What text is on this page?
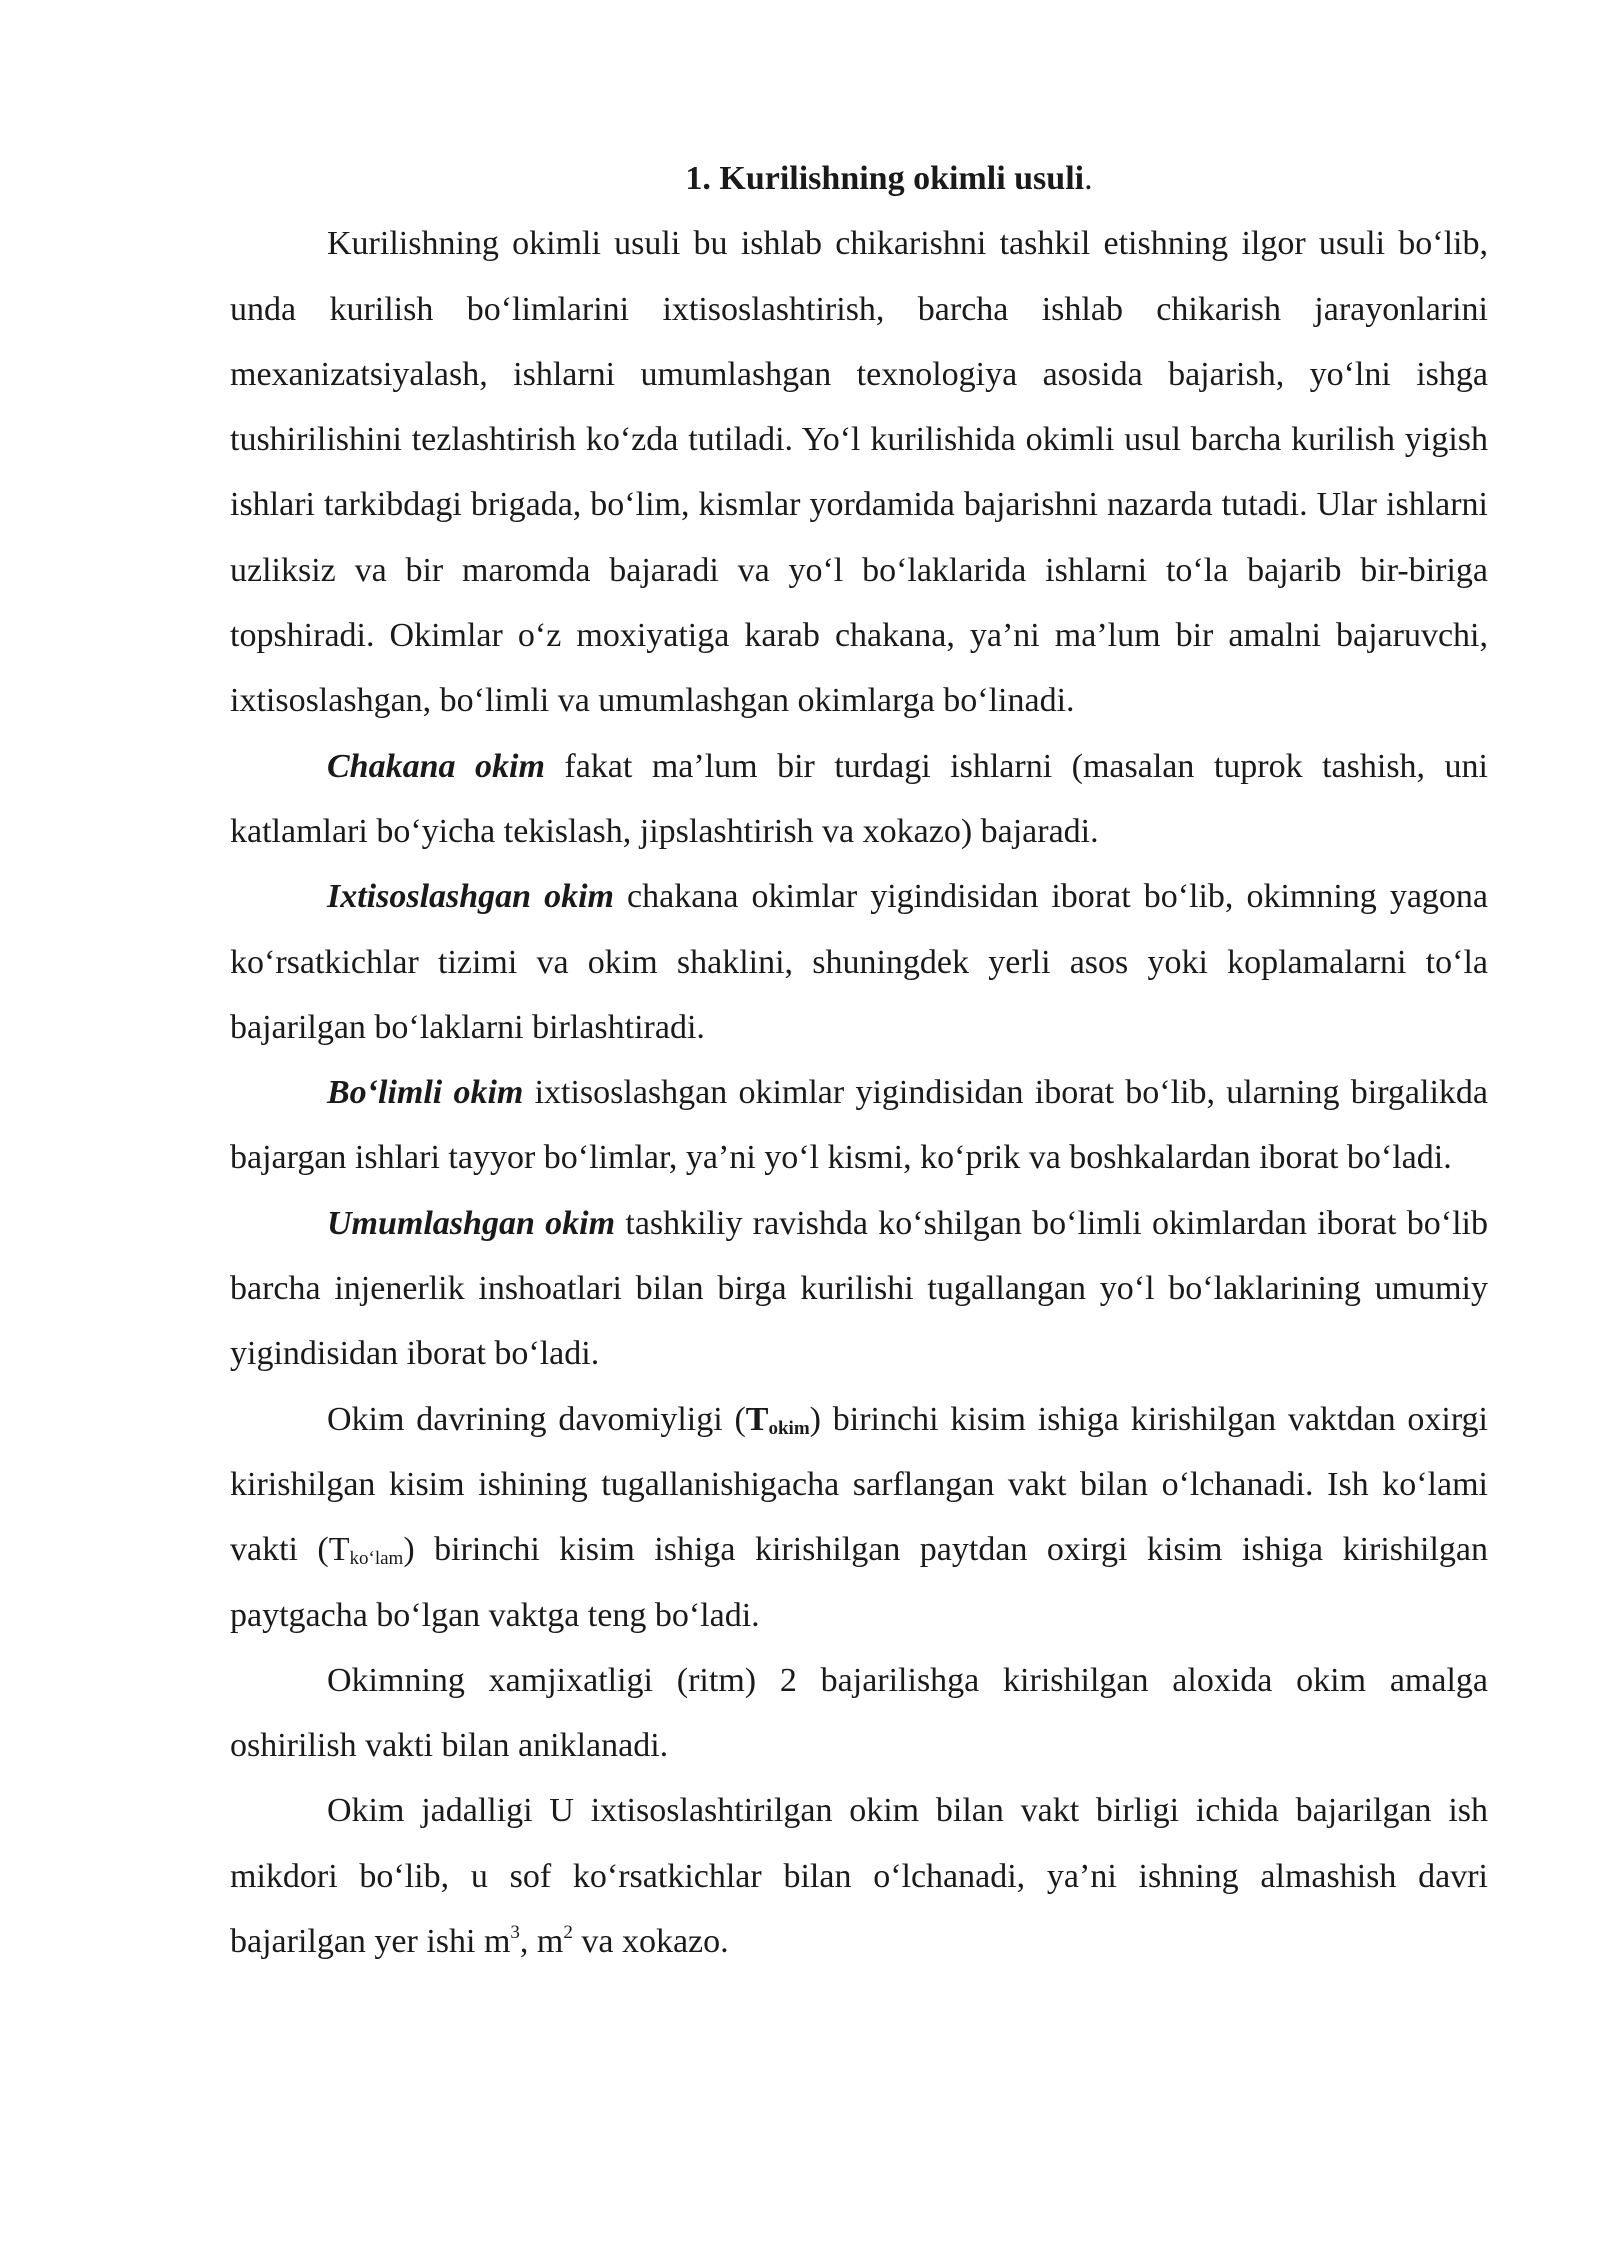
1. Kurilishning okimli usuli.

Kurilishning okimli usuli bu ishlab chikarishni tashkil etishning ilgor usuli bo‘lib, unda kurilish bo‘limlarini ixtisoslashtirish, barcha ishlab chikarish jarayonlarini mexanizatsiyalash, ishlarni umumlashgan texnologiya asosida bajarish, yo‘lni ishga tushirilishini tezlashtirish ko‘zda tutiladi. Yo‘l kurilishida okimli usul barcha kurilish yigish ishlari tarkibdagi brigada, bo‘lim, kismlar yordamida bajarishni nazarda tutadi. Ular ishlarni uzliksiz va bir maromda bajaradi va yo‘l bo‘laklarida ishlarni to‘la bajarib bir-biriga topshiradi. Okimlar o‘z moxiyatiga karab chakana, ya’ni ma’lum bir amalni bajaruvchi, ixtisoslashgan, bo‘limli va umumlashgan okimlarga bo‘linadi.

Chakana okim fakat ma’lum bir turdagi ishlarni (masalan tuprok tashish, uni katlamlari bo‘yicha tekislash, jipslashtirish va xokazo) bajaradi.

Ixtisoslashgan okim chakana okimlar yigindisidan iborat bo‘lib, okimning yagona ko‘rsatkichlar tizimi va okim shaklini, shuningdek yerli asos yoki koplamalarni to‘la bajarilgan bo‘laklarni birlashtiradi.

Bo‘limli okim ixtisoslashgan okimlar yigindisidan iborat bo‘lib, ularning birgalikda bajargan ishlari tayyor bo‘limlar, ya’ni yo‘l kismi, ko‘prik va boshkalardan iborat bo‘ladi.

Umumlashgan okim tashkiliy ravishda ko‘shilgan bo‘limli okimlardan iborat bo‘lib barcha injenerlik inshoatlari bilan birga kurilishi tugallangan yo‘l bo‘laklarining umumiy yigindisidan iborat bo‘ladi.

Okim davrining davomiyligi $(T_{okim})$ birinchi kisim ishiga kirishilgan vaktdan oxirgi kirishilgan kisim ishining tugallanishigacha sarflangan vakt bilan o‘lchanadi. Ish ko‘lami vakti $(T_{ko‘lam})$ birinchi kisim ishiga kirishilgan paytdan oxirgi kisim ishiga kirishilgan paytgacha bo‘lgan vaktga teng bo‘ladi.

Okimning xamjixatligi (ritm) 2 bajarilishga kirishilgan aloxida okim amalga oshirilish vakti bilan aniklanadi.

Okim jadalligi U ixtisoslashtirilgan okim bilan vakt birligi ichida bajarilgan ish mikdori bo‘lib, u sof ko‘rsatkichlar bilan o‘lchanadi, ya’ni ishning almashish davri bajarilgan yer ishi $m^3$, $m^2$ va xokazo.
